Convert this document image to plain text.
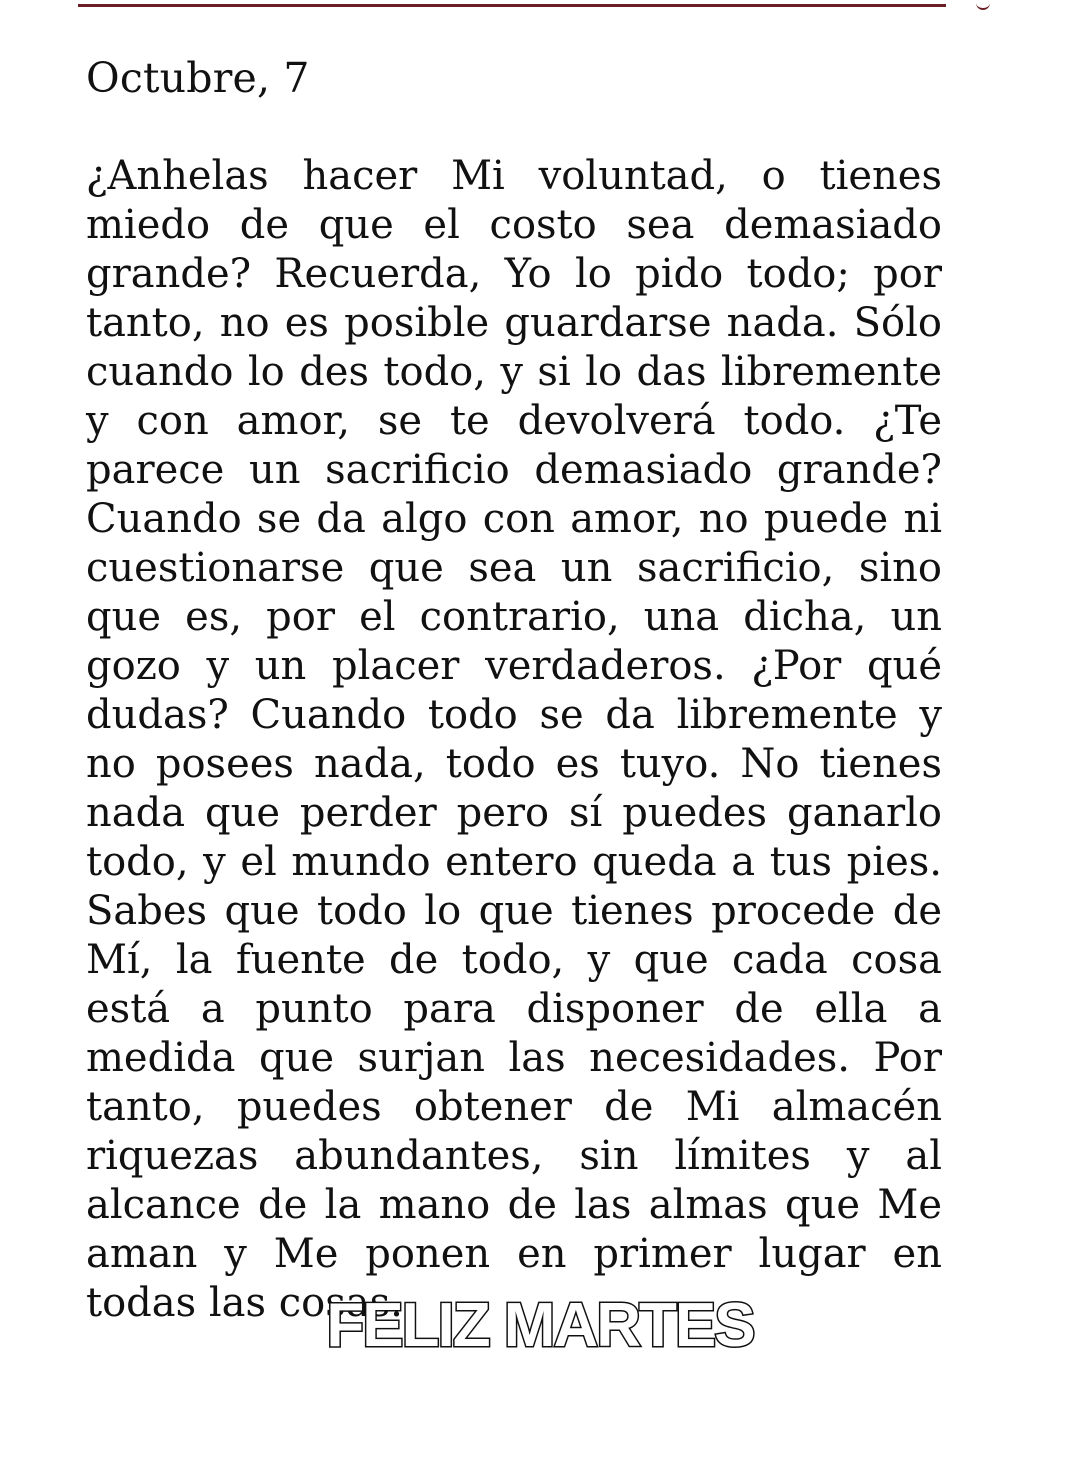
Octubre, 7
¿Anhelas hacer Mi voluntad, o tienes miedo de que el costo sea demasiado grande? Recuerda, Yo lo pido todo; por tanto, no es posible guardarse nada. Sólo cuando lo des todo, y si lo das libremente y con amor, se te devolverá todo. ¿Te parece un sacrificio demasiado grande? Cuando se da algo con amor, no puede ni cuestionarse que sea un sacrificio, sino que es, por el contrario, una dicha, un gozo y un placer verdaderos. ¿Por qué dudas? Cuando todo se da libremente y no posees nada, todo es tuyo. No tienes nada que perder pero sí puedes ganarlo todo, y el mundo entero queda a tus pies. Sabes que todo lo que tienes procede de Mí, la fuente de todo, y que cada cosa está a punto para disponer de ella a medida que surjan las necesidades. Por tanto, puedes obtener de Mi almacén riquezas abundantes, sin límites y al alcance de la mano de las almas que Me aman y Me ponen en primer lugar en todas las cosas.
FELIZ MARTES
